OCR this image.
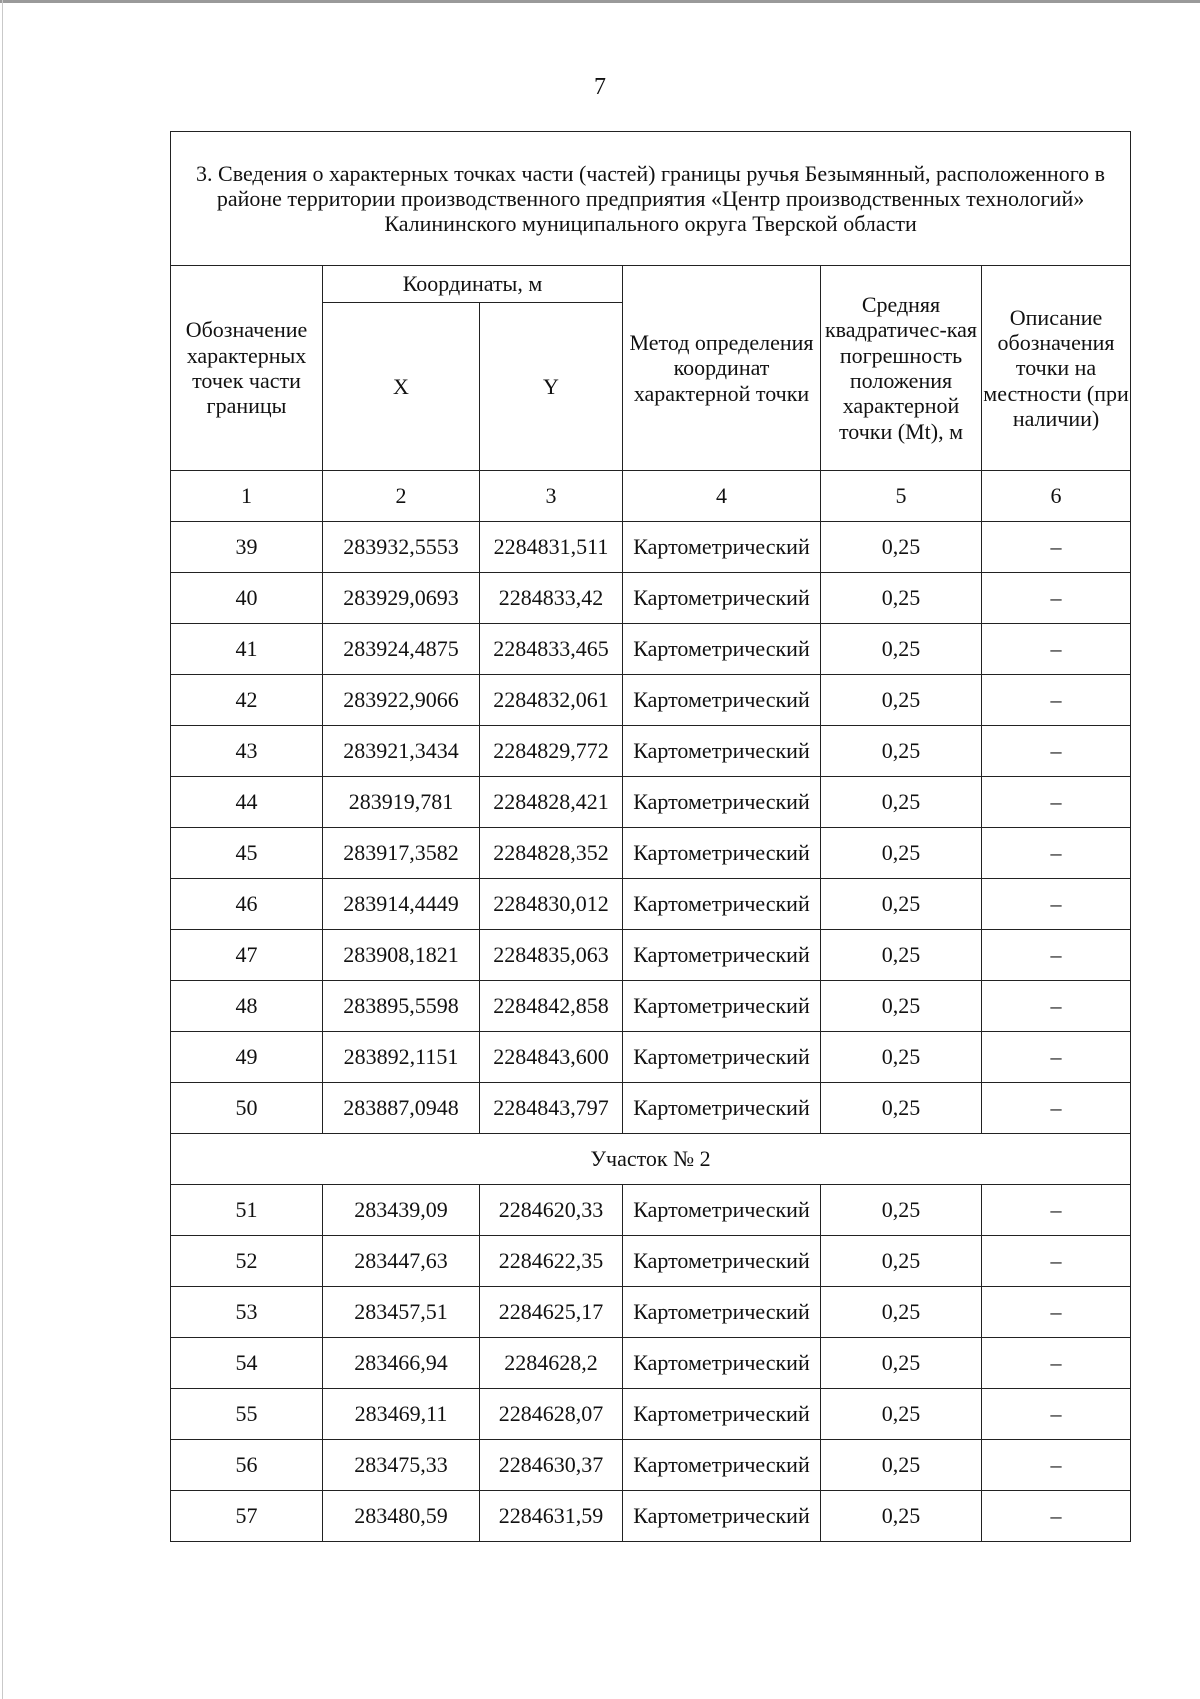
7
3. Сведения о характерных точках части (частей) границы ручья Безымянный, расположенного в районе территории производственного предприятия «Центр производственных технологий» Калининского муниципального округа Тверской области					
Обозначение характерных точек части границы	Координаты, м		Метод определения координат характерной точки	Средняя квадратичес-кая погрешность положения характерной точки (Mt), м	Описание обозначения точки на местности (при наличии)
	X	Y			
1	2	3	4	5	6
39	283932,5553	2284831,511	Картометрический	0,25	–
40	283929,0693	2284833,42	Картометрический	0,25	–
41	283924,4875	2284833,465	Картометрический	0,25	–
42	283922,9066	2284832,061	Картометрический	0,25	–
43	283921,3434	2284829,772	Картометрический	0,25	–
44	283919,781	2284828,421	Картометрический	0,25	–
45	283917,3582	2284828,352	Картометрический	0,25	–
46	283914,4449	2284830,012	Картометрический	0,25	–
47	283908,1821	2284835,063	Картометрический	0,25	–
48	283895,5598	2284842,858	Картометрический	0,25	–
49	283892,1151	2284843,600	Картометрический	0,25	–
50	283887,0948	2284843,797	Картометрический	0,25	–
Участок № 2					
51	283439,09	2284620,33	Картометрический	0,25	–
52	283447,63	2284622,35	Картометрический	0,25	–
53	283457,51	2284625,17	Картометрический	0,25	–
54	283466,94	2284628,2	Картометрический	0,25	–
55	283469,11	2284628,07	Картометрический	0,25	–
56	283475,33	2284630,37	Картометрический	0,25	–
57	283480,59	2284631,59	Картометрический	0,25	–
